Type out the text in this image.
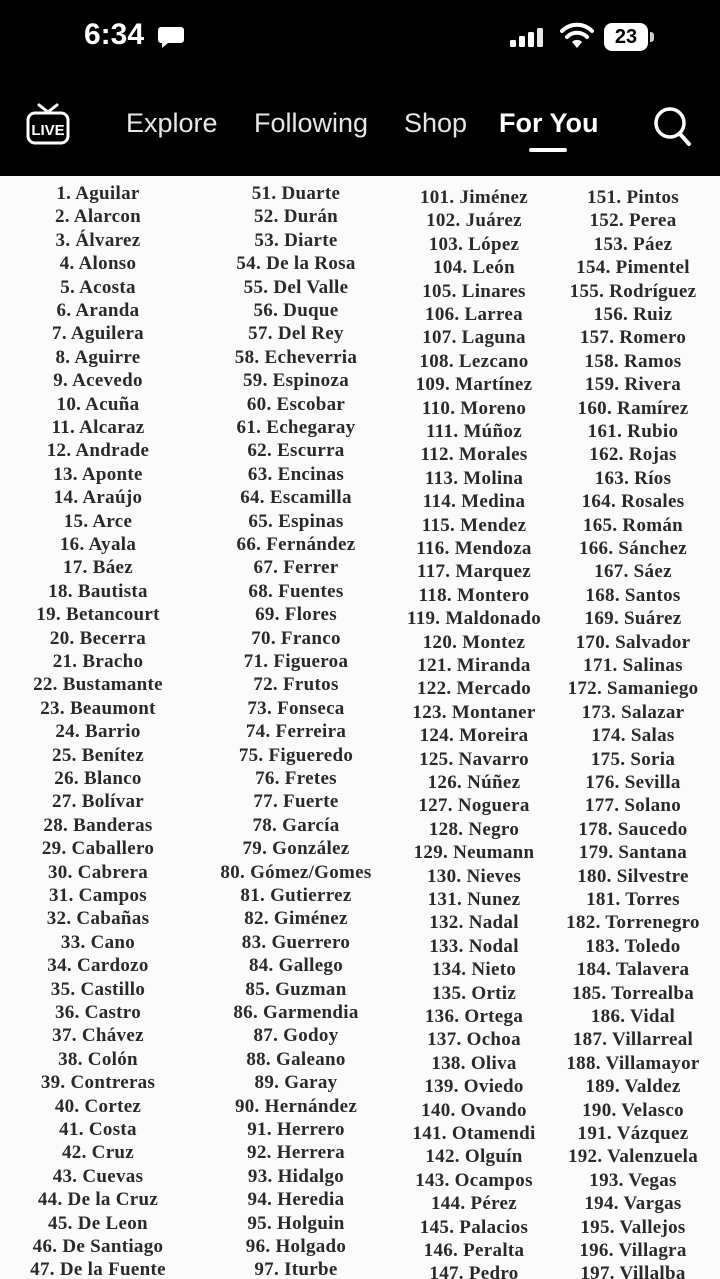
6:34	23
LIVE Explore Following Shop For You
1. Aguilar
2. Alarcon
3. Álvarez
4. Alonso
5. Acosta
6. Aranda
7. Aguilera
8. Aguirre
9. Acevedo
10. Acuña
11. Alcaraz
12. Andrade
13. Aponte
14. Araújo
15. Arce
16. Ayala
17. Báez
18. Bautista
19. Betancourt
20. Becerra
21. Bracho
22. Bustamante
23. Beaumont
24. Barrio
25. Benítez
26. Blanco
27. Bolívar
28. Banderas
29. Caballero
30. Cabrera
31. Campos
32. Cabañas
33. Cano
34. Cardozo
35. Castillo
36. Castro
37. Chávez
38. Colón
39. Contreras
40. Cortez
41. Costa
42. Cruz
43. Cuevas
44. De la Cruz
45. De Leon
46. De Santiago
47. De la Fuente
51. Duarte
52. Durán
53. Diarte
54. De la Rosa
55. Del Valle
56. Duque
57. Del Rey
58. Echeverria
59. Espinoza
60. Escobar
61. Echegaray
62. Escurra
63. Encinas
64. Escamilla
65. Espinas
66. Fernández
67. Ferrer
68. Fuentes
69. Flores
70. Franco
71. Figueroa
72. Frutos
73. Fonseca
74. Ferreira
75. Figueredo
76. Fretes
77. Fuerte
78. García
79. González
80. Gómez/Gomes
81. Gutierrez
82. Giménez
83. Guerrero
84. Gallego
85. Guzman
86. Garmendia
87. Godoy
88. Galeano
89. Garay
90. Hernández
91. Herrero
92. Herrera
93. Hidalgo
94. Heredia
95. Holguin
96. Holgado
97. Iturbe
101. Jiménez
102. Juárez
103. López
104. León
105. Linares
106. Larrea
107. Laguna
108. Lezcano
109. Martínez
110. Moreno
111. Múñoz
112. Morales
113. Molina
114. Medina
115. Mendez
116. Mendoza
117. Marquez
118. Montero
119. Maldonado
120. Montez
121. Miranda
122. Mercado
123. Montaner
124. Moreira
125. Navarro
126. Núñez
127. Noguera
128. Negro
129. Neumann
130. Nieves
131. Nunez
132. Nadal
133. Nodal
134. Nieto
135. Ortiz
136. Ortega
137. Ochoa
138. Oliva
139. Oviedo
140. Ovando
141. Otamendi
142. Olguín
143. Ocampos
144. Pérez
145. Palacios
146. Peralta
147. Pedro
151. Pintos
152. Perea
153. Páez
154. Pimentel
155. Rodríguez
156. Ruiz
157. Romero
158. Ramos
159. Rivera
160. Ramírez
161. Rubio
162. Rojas
163. Ríos
164. Rosales
165. Román
166. Sánchez
167. Sáez
168. Santos
169. Suárez
170. Salvador
171. Salinas
172. Samaniego
173. Salazar
174. Salas
175. Soria
176. Sevilla
177. Solano
178. Saucedo
179. Santana
180. Silvestre
181. Torres
182. Torrenegro
183. Toledo
184. Talavera
185. Torrealba
186. Vidal
187. Villarreal
188. Villamayor
189. Valdez
190. Velasco
191. Vázquez
192. Valenzuela
193. Vegas
194. Vargas
195. Vallejos
196. Villagra
197. Villalba
